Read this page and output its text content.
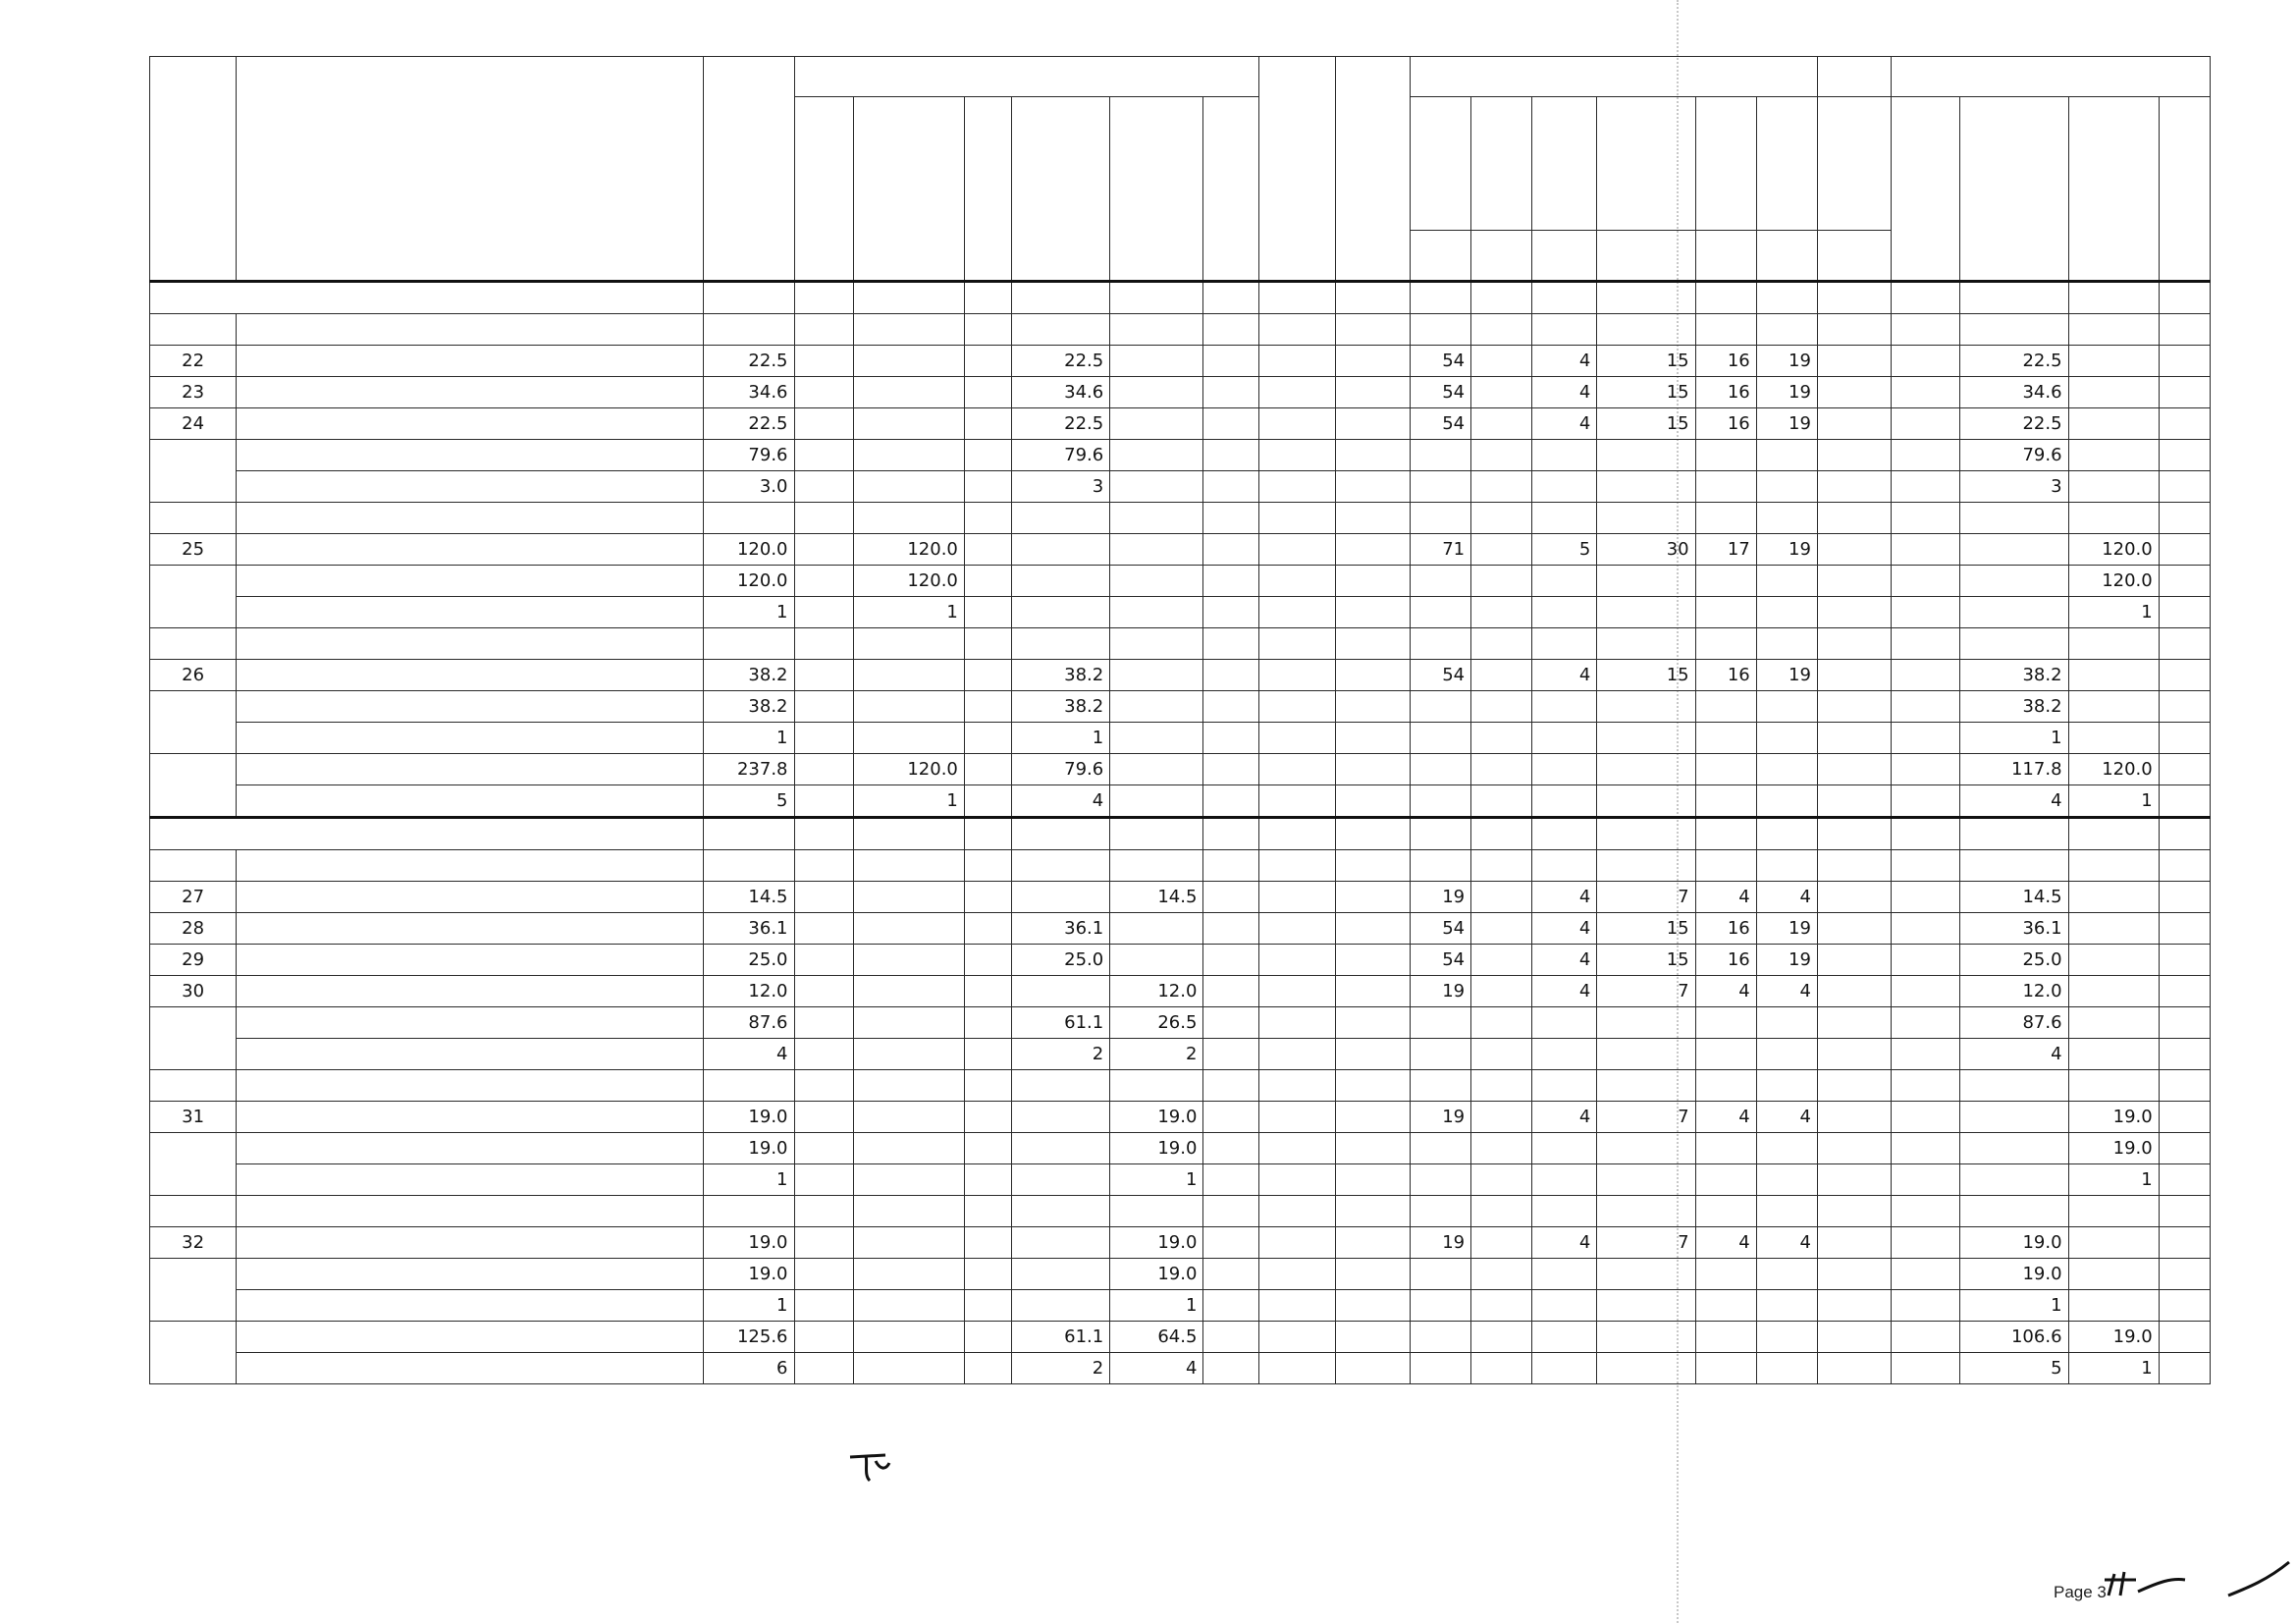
22		22.5				22.5					54		4	15	16	19			22.5		
23		34.6				34.6					54		4	15	16	19			34.6		
24		22.5				22.5					54		4	15	16	19			22.5		
		79.6				79.6													79.6		
		3.0				3													3		

25		120.0		120.0							71		5	30	17	19				120.0	
		120.0		120.0																120.0	
		1		1																1	

26		38.2				38.2					54		4	15	16	19			38.2		
		38.2				38.2													38.2		
		1				1													1		
		237.8		120.0		79.6													117.8	120.0	
		5		1		4													4	1	

27		14.5					14.5				19		4	7	4	4			14.5		
28		36.1				36.1					54		4	15	16	19			36.1		
29		25.0				25.0					54		4	15	16	19			25.0		
30		12.0					12.0				19		4	7	4	4			12.0		
		87.6				61.1	26.5												87.6		
		4				2	2												4		

31		19.0					19.0				19		4	7	4	4				19.0	
		19.0					19.0													19.0	
		1					1													1	

32		19.0					19.0				19		4	7	4	4			19.0		
		19.0					19.0												19.0		
		1					1												1		
		125.6				61.1	64.5												106.6	19.0	
		6				2	4												5	1	
Page 3
